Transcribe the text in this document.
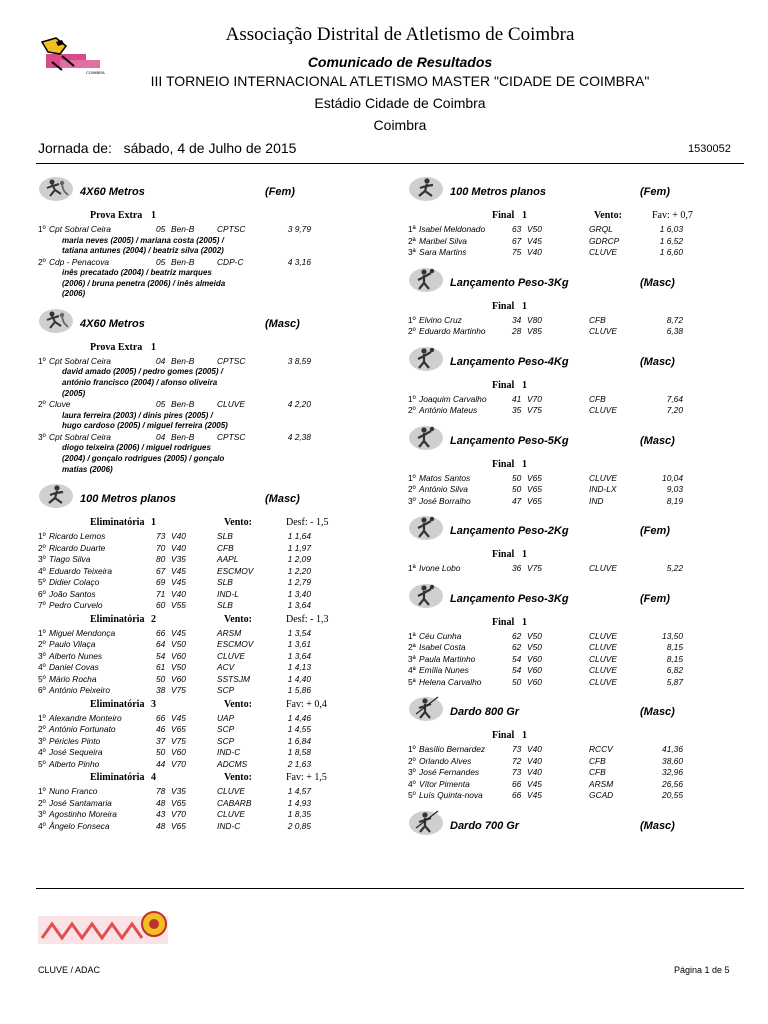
COIMBRA
Associação Distrital de Atletismo de Coimbra
Comunicado de Resultados
III TORNEIO INTERNACIONAL ATLETISMO MASTER "CIDADE DE COIMBRA"
Estádio Cidade de Coimbra
Coimbra
Jornada de: sábado, 4 de Julho de 2015	1530052
4X60 Metros	(Fem)
Prova Extra 1
1º Cpt Sobral Ceira	05 Ben-B	CPTSC	3 9,79
maria neves (2005) / mariana costa (2005) / tatiana antunes (2004) / beatriz silva (2002)
2º Cdp - Penacova	05 Ben-B	CDP-C	4 3,16
inês precatado (2004) / beatriz marques (2006) / bruna penetra (2006) / inês almeida (2006)
4X60 Metros	(Masc)
Prova Extra 1
1º Cpt Sobral Ceira	04 Ben-B	CPTSC	3 8,59
david amado (2005) / pedro gomes (2005) / antónio francisco (2004) / afonso oliveira (2005)
2º Cluve	05 Ben-B	CLUVE	4 2,20
laura ferreira (2003) / dinis pires (2005) / hugo cardoso (2005) / miguel ferreira (2005)
3º Cpt Sobral Ceira	04 Ben-B	CPTSC	4 2,38
diogo teixeira (2006) / miguel rodrigues (2004) / gonçalo rodrigues (2005) / gonçalo matias (2006)
100 Metros planos	(Masc)
Eliminatória 1	Vento:	Desf: - 1,5
1º Ricardo Lemos	73 V40	SLB	1 1,64
2º Ricardo Duarte	70 V40	CFB	1 1,97
3º Tiago Silva	80 V35	AAPL	1 2,09
4º Eduardo Teixeira	67 V45	ESCMOV	1 2,20
5º Didier Colaço	69 V45	SLB	1 2,79
6º João Santos	71 V40	IND-L	1 3,40
7º Pedro Curvelo	60 V55	SLB	1 3,64
Eliminatória 2	Vento:	Desf: - 1,3
1º Miguel Mendonça	66 V45	ARSM	1 3,54
2º Paulo Vilaça	64 V50	ESCMOV	1 3,61
3º Alberto Nunes	54 V60	CLUVE	1 3,64
4º Daniel Covas	61 V50	ACV	1 4,13
5º Mário Rocha	50 V60	SSTSJM	1 4,40
6º António Peixeiro	38 V75	SCP	1 5,86
Eliminatória 3	Vento:	Fav: + 0,4
1º Alexandre Monteiro	66 V45	UAP	1 4,46
2º António Fortunato	46 V65	SCP	1 4,55
3º Péricles Pinto	37 V75	SCP	1 6,84
4º José Sequeira	50 V60	IND-C	1 8,58
5º Alberto Pinho	44 V70	ADCMS	2 1,63
Eliminatória 4	Vento:	Fav: + 1,5
1º Nuno Franco	78 V35	CLUVE	1 4,57
2º José Santamaria	48 V65	CABARB	1 4,93
3º Agostinho Moreira	43 V70	CLUVE	1 8,35
4º Ângelo Fonseca	48 V65	IND-C	2 0,85
100 Metros planos	(Fem)
Final 1	Vento:	Fav: + 0,7
1ª Isabel Meldonado	63 V50	GRQL	1 6,03
2ª Maribel Silva	67 V45	GDRCP	1 6,52
3ª Sara Martins	75 V40	CLUVE	1 6,60
Lançamento Peso-3Kg	(Masc)
Final 1
1º Elvino Cruz	34 V80	CFB	8,72
2º Eduardo Martinho	28 V85	CLUVE	6,38
Lançamento Peso-4Kg	(Masc)
Final 1
1º Joaquim Carvalho	41 V70	CFB	7,64
2º António Mateus	35 V75	CLUVE	7,20
Lançamento Peso-5Kg	(Masc)
Final 1
1º Matos Santos	50 V65	CLUVE	10,04
2º António Silva	50 V65	IND-LX	9,03
3º José Borralho	47 V65	IND	8,19
Lançamento Peso-2Kg	(Fem)
Final 1
1ª Ivone Lobo	36 V75	CLUVE	5,22
Lançamento Peso-3Kg	(Fem)
Final 1
1ª Céu Cunha	62 V50	CLUVE	13,50
2ª Isabel Costa	62 V50	CLUVE	8,15
3ª Paula Martinho	54 V60	CLUVE	8,15
4ª Emília Nunes	54 V60	CLUVE	6,82
5ª Helena Carvalho	50 V60	CLUVE	5,87
Dardo 800 Gr	(Masc)
Final 1
1º Basílio Bernardez	73 V40	RCCV	41,36
2º Orlando Alves	72 V40	CFB	38,60
3º José Fernandes	73 V40	CFB	32,96
4º Vítor Pimenta	66 V45	ARSM	26,56
5º Luís Quinta-nova	66 V45	GCAD	20,55
Dardo 700 Gr	(Masc)
CLUVE / ADAC	Página 1 de 5
